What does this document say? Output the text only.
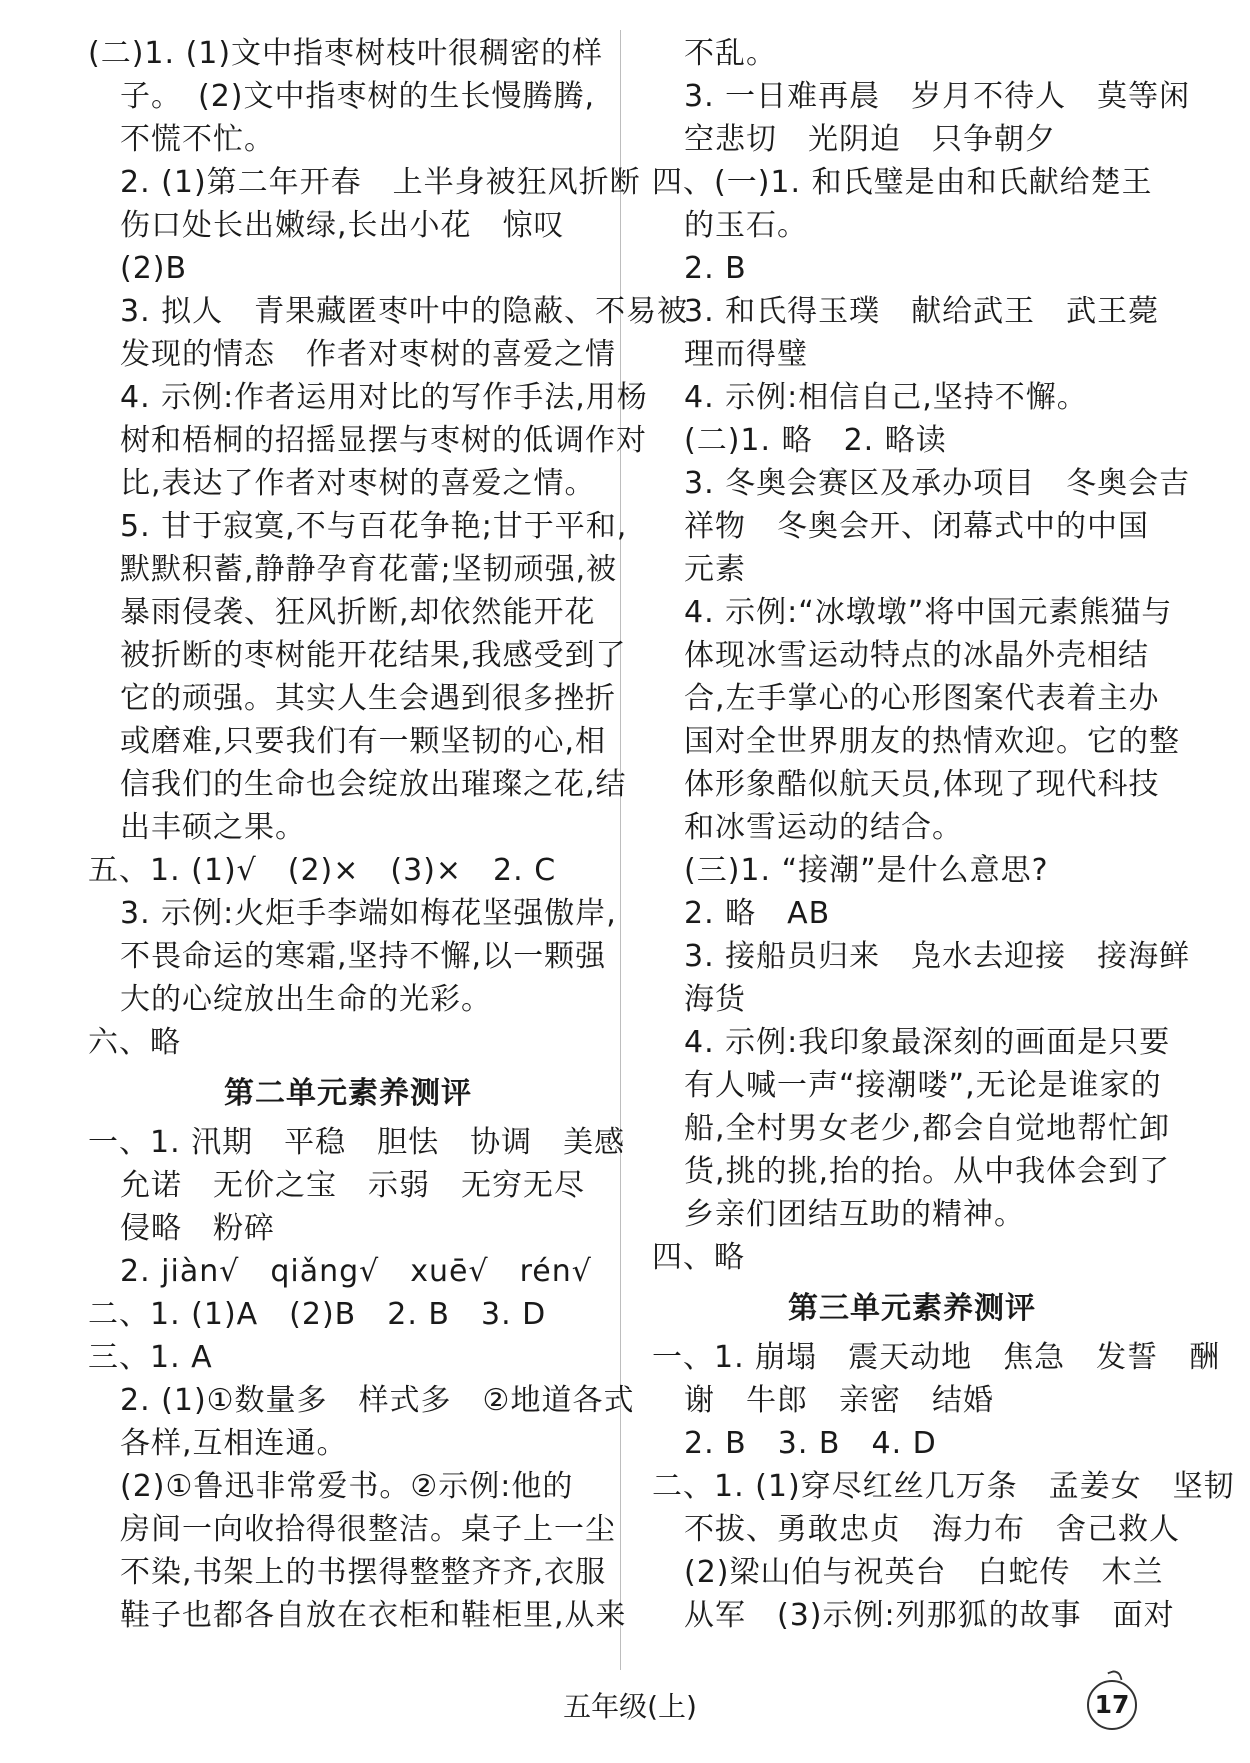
(二)1. (1)文中指枣树枝叶很稠密的样
子。　(2)文中指枣树的生长慢腾腾,
不慌不忙。
2. (1)第二年开春　上半身被狂风折断
伤口处长出嫩绿,长出小花　惊叹
(2)B
3. 拟人　青果藏匿枣叶中的隐蔽、不易被
发现的情态　作者对枣树的喜爱之情
4. 示例:作者运用对比的写作手法,用杨
树和梧桐的招摇显摆与枣树的低调作对
比,表达了作者对枣树的喜爱之情。
5. 甘于寂寞,不与百花争艳;甘于平和,
默默积蓄,静静孕育花蕾;坚韧顽强,被
暴雨侵袭、狂风折断,却依然能开花
被折断的枣树能开花结果,我感受到了
它的顽强。其实人生会遇到很多挫折
或磨难,只要我们有一颗坚韧的心,相
信我们的生命也会绽放出璀璨之花,结
出丰硕之果。
五、1. (1)√　(2)×　(3)×　2. C
3. 示例:火炬手李端如梅花坚强傲岸,
不畏命运的寒霜,坚持不懈,以一颗强
大的心绽放出生命的光彩。
六、略
第二单元素养测评
一、1. 汛期　平稳　胆怯　协调　美感
允诺　无价之宝　示弱　无穷无尽
侵略　粉碎
2. jiàn√　qiǎng√　xuē√　rén√
二、1. (1)A　(2)B　2. B　3. D
三、1. A
2. (1)①数量多　样式多　②地道各式
各样,互相连通。
(2)①鲁迅非常爱书。②示例:他的
房间一向收拾得很整洁。桌子上一尘
不染,书架上的书摆得整整齐齐,衣服
鞋子也都各自放在衣柜和鞋柜里,从来
不乱。
3. 一日难再晨　岁月不待人　莫等闲
空悲切　光阴迫　只争朝夕
四、(一)1. 和氏璧是由和氏献给楚王
的玉石。
2. B
3. 和氏得玉璞　献给武王　武王薨
理而得璧
4. 示例:相信自己,坚持不懈。
(二)1. 略　2. 略读
3. 冬奥会赛区及承办项目　冬奥会吉
祥物　冬奥会开、闭幕式中的中国
元素
4. 示例:“冰墩墩”将中国元素熊猫与
体现冰雪运动特点的冰晶外壳相结
合,左手掌心的心形图案代表着主办
国对全世界朋友的热情欢迎。它的整
体形象酷似航天员,体现了现代科技
和冰雪运动的结合。
(三)1. “接潮”是什么意思?
2. 略　AB
3. 接船员归来　凫水去迎接　接海鲜
海货
4. 示例:我印象最深刻的画面是只要
有人喊一声“接潮喽”,无论是谁家的
船,全村男女老少,都会自觉地帮忙卸
货,挑的挑,抬的抬。从中我体会到了
乡亲们团结互助的精神。
四、略
第三单元素养测评
一、1. 崩塌　震天动地　焦急　发誓　酬
谢　牛郎　亲密　结婚
2. B　3. B　4. D
二、1. (1)穿尽红丝几万条　孟姜女　坚韧
不拔、勇敢忠贞　海力布　舍己救人
(2)梁山伯与祝英台　白蛇传　木兰
从军　(3)示例:列那狐的故事　面对
五年级(上)	17
